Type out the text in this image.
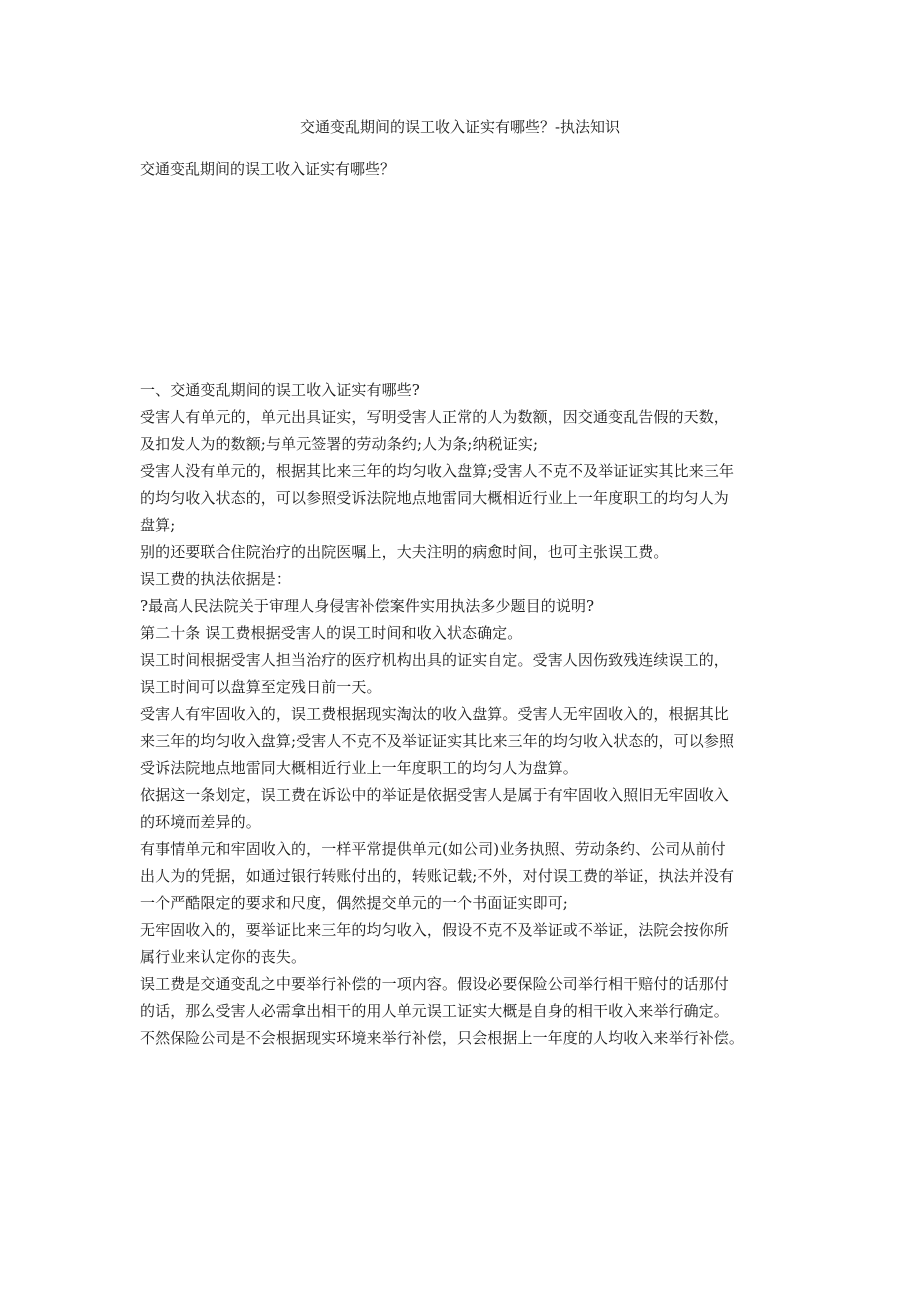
交通变乱期间的误工收入证实有哪些？-执法知识
交通变乱期间的误工收入证实有哪些？

一、交通变乱期间的误工收入证实有哪些?

受害人有单元的，单元出具证实，写明受害人正常的人为数额，因交通变乱告假的天数，
及扣发人为的数额;与单元签署的劳动条约;人为条;纳税证实;

受害人没有单元的，根据其比来三年的均匀收入盘算;受害人不克不及举证证实其比来三年
的均匀收入状态的，可以参照受诉法院地点地雷同大概相近行业上一年度职工的均匀人为
盘算;

别的还要联合住院治疗的出院医嘱上，大夫注明的病愈时间，也可主张误工费。

误工费的执法依据是：

?最高人民法院关于审理人身侵害补偿案件实用执法多少题目的说明?

第二十条 误工费根据受害人的误工时间和收入状态确定。

误工时间根据受害人担当治疗的医疗机构出具的证实自定。受害人因伤致残连续误工的，
误工时间可以盘算至定残日前一天。

受害人有牢固收入的，误工费根据现实淘汰的收入盘算。受害人无牢固收入的，根据其比
来三年的均匀收入盘算;受害人不克不及举证证实其比来三年的均匀收入状态的，可以参照
受诉法院地点地雷同大概相近行业上一年度职工的均匀人为盘算。

依据这一条划定，误工费在诉讼中的举证是依据受害人是属于有牢固收入照旧无牢固收入
的环境而差异的。

有事情单元和牢固收入的，一样平常提供单元(如公司)业务执照、劳动条约、公司从前付
出人为的凭据，如通过银行转账付出的，转账记载;不外，对付误工费的举证，执法并没有
一个严酷限定的要求和尺度，偶然提交单元的一个书面证实即可;

无牢固收入的，要举证比来三年的均匀收入，假设不克不及举证或不举证，法院会按你所
属行业来认定你的丧失。

误工费是交通变乱之中要举行补偿的一项内容。假设必要保险公司举行相干赔付的话那付
的话，那么受害人必需拿出相干的用人单元误工证实大概是自身的相干收入来举行确定。
不然保险公司是不会根据现实环境来举行补偿，只会根据上一年度的人均收入来举行补偿。
